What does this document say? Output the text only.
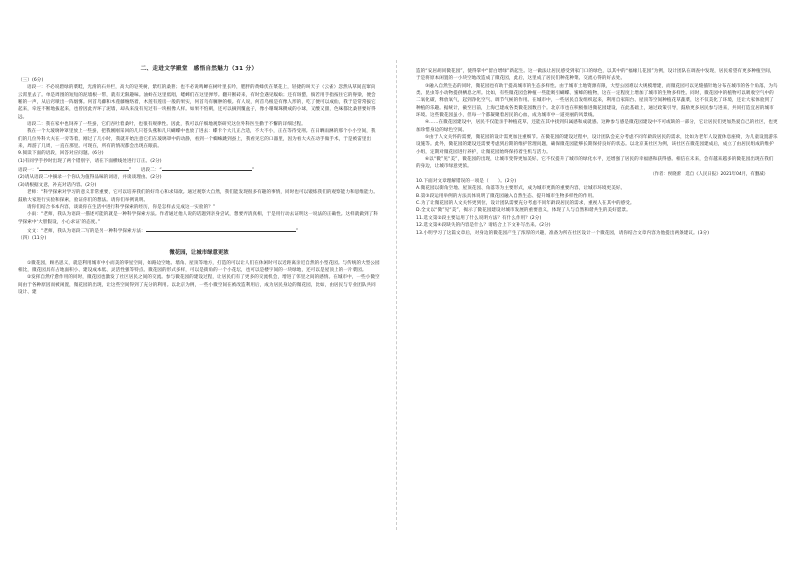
二、走进文学殿堂　感悟自然魅力（31 分）

（三）(6分)

语段一：不必说碧绿的菜畦，光滑的石井栏，高大的皂荚树，紫红的桑葚；也不必说鸣蝉在树叶里长吟，肥胖的黄蜂伏在菜花上，轻捷的叫天子（云雀）忽然从草间直窜向云霄里去了。单是周围的短短的泥墙根一带，就有无限趣味。油蛉在这里低唱，蟋蟀们在这里弹琴。翻开断砖来，有时会遇见蜈蚣；还有斑蝥，倘若用手指按住它的脊梁，便会啪的一声，从后窍喷出一阵烟雾。何首乌藤和木莲藤缠络着，木莲有莲房一般的果实，何首乌有臃肿的根。有人说，何首乌根是有像人形的，吃了便可以成仙，我于是常常拔它起来，牵连不断地拔起来，也曾因此弄坏了泥墙，却从来没有见过有一块根像人样。如果不怕刺，还可以摘到覆盆子，像小珊瑚珠攒成的小球，又酸又甜，色味都比桑葚要好得远。

语段二：我在家中也饲养了一些蚕，它们吞吐着桑叶，也很有规律性。因此，我可以仔细地观察研究这位外科医生勤于不懈的详细过程。

我在一个大玻璃钟罩里放上一些蚕，把我刚刚采回的几只苍头燕和几只蝴蝶中也放了进去：蝶卡个大儿正合适，不大不小，正在等待受刑。在日晒雨淋的那个小小空间，我们的几位外科大夫在一旁等着，刚过了几小时，我就开始注意它们在玻璃罩中的动静，看到一个蜘蛛跳到蚕上，我看见它的口器里，因为看大夫在动手做手术，于是被雷里出来，周游了几周，一直在那里。可现在，所有的情况都会出现在眼前。

9.阅读下面的语段，回答对应问题。(6分)

(1)有同学手抄时出现了两个错别字，请在下面横线处进行订正。(2分)

语段一：“	”　　语段二：“	”

(2)请从语段二中摘录一个你认为值得品味的词语，并谈谈理由。(2分)

(3)请根据文意，补充对话内容。(2分)

老师：“科学探索对学习的意义非常重要，它可以培养我们的好奇心和求知欲。通过观察大自然，我们能发现很多有趣的事情，同时也可以锻炼我们的观察能力和思维能力。鼓励大家进行实验和探索，验证你们的想法。请你们举例说明。

请你们结合书本内容，谈谈你在生活中进行科学探索的经历，你是怎样去完成这一实验的？”

小雨：“老师，我认为语段一描述可能的就是一种科学探索方法。作者通过他人说的话题到亲身尝试，想要弄清真相，于是用行动去证明这一说法的正确性。这样就做到了科学探索中‘大胆假设，小心求证’的态度。”

文文：“老师，我认为语段二写的是另一种科学探索方法：	”

（四）(11分)

微花园，让城市绿意更浓

①微花园，顾名思义，就是利用城市中小而美的零星空间，如路边空地、墙角、屋顶等地方，打造的可以让人们在休闲时可以近距离亲近自然的小型花园。与传统的大型公园相比，微花园具有占地面积小、建设成本低、灵活性强等特点。微花园的形式多样，可以是街角的一个小花坛，也可以是楼宇间的一块绿地，还可以是屋顶上的一片菜园。

②发挥自然疗愈作用的同时，微花园也激发了社区居民之间的交流。参与微花园的建设过程，让居民们有了更多的交流机会，增进了邻里之间的感情。在城市中，一些小微空间由于各种原因而被闲置，微花园的出现，让这些空间得到了充分的利用。以北京为例，一些小微空间在被改造利用后，成为居民身边的微花园，比如，由居民与专业团队共同设计、建

造的“安居胡同微花园”，使得掌中“留白增绿”新起生。这一做法让居民感受到家门口的绿色，以其中的“福缘儿花园”为例，设计团队在调查中发现，居民希望有更多种植空间，于是将原本闲置的一小块空地改造成了微花园，此后，这里成了居民们种花种菜、交流心得的好去处。

③融入自然生态的同时，微花园也有助于提高城市的生态多样性。由于城市土地资源有限，大型公园难以大规模增建，而微花园可以见缝插针地分布在城市的各个角落，为鸟类、昆虫等小动物提供栖息之所。比如，有些微花园会种植一些能吸引蝴蝶、蜜蜂的植物，这在一定程度上增加了城市的生物多样性。同时，微花园中的植物可以吸收空气中的二氧化碳，释放氧气，起到净化空气、调节气候的作用。在城市中，一些居民自发组织起来，利用自家阳台、屋顶等空间种植花草蔬菜，这不仅美化了环境，还让大家体验到了种植的乐趣。据统计，截至目前，上海已建成各类微花园数百个。北京市也在积极推进微花园建设，在此基础上，通过政策引导，鼓励更多居民参与进来，共同打造宜居的城市环境。这些微花园虽小，但每一个都凝聚着居民的心血，成为城市中一道亮丽的风景线。

④……在微花园建设中，居民不仅能亲手种植花草，还能在其中找到归属感和成就感。这种参与感是微花园建设中不可或缺的一部分，它让居民们更加热爱自己的社区，也更加珍惜身边的绿色空间。

⑤由于人文关怀的需要，微花园的设计需更加注重细节。在微花园的建设过程中，设计团队会充分考虑不同年龄段居民的需求，比如为老年人设置休息座椅，为儿童设置游乐设施等。此外，微花园的建设还需要考虑到后期的维护管理问题，确保微花园能够长期保持良好的状态。以北京某社区为例，该社区在微花园建成后，成立了由居民组成的维护小组，定期对微花园进行养护，让微花园始终保持着生机与活力。

⑥以“微”见“美”，微花园的出现，让城市变得更加美好。它不仅提升了城市的绿化水平，还增强了居民的幸福感和获得感。相信在未来，会有越来越多的微花园出现在我们的身边，让城市绿意更浓。

（作者：侯晓蕾　选自《人民日报》2021年04月，有删减）

10.下面对文章理解错误的一项是（　　）。(2分)

A.微花园以街角空地、屋顶花园、角落等为主要形式，成为城市更新的重要内容，让城市环境更美好。

B.第③段运用举例的方法具体说明了微花园融入自然生态、提升城市生物多样性的作用。

C.为了让微花园的人文关怀更到位，设计团队需要充分考虑不同年龄段居民的需求，重视人在其中的感受。

D.全文以“微”见“美”，揭示了微花园建设对城市发展的重要意义，体现了人与自然和谐共生的美好愿景。

11.选文第②段主要运用了什么说明方法？有什么作用？(2分)

12.选文第④段缺失的内容是什么？请结合上下文补写出来。(2分)

13.小明学习了这篇文章后，对身边的微花园产生了浓厚的兴趣，准备为所在社区设计一个微花园，请你结合文章内容为他提出两条建议。(3分)
